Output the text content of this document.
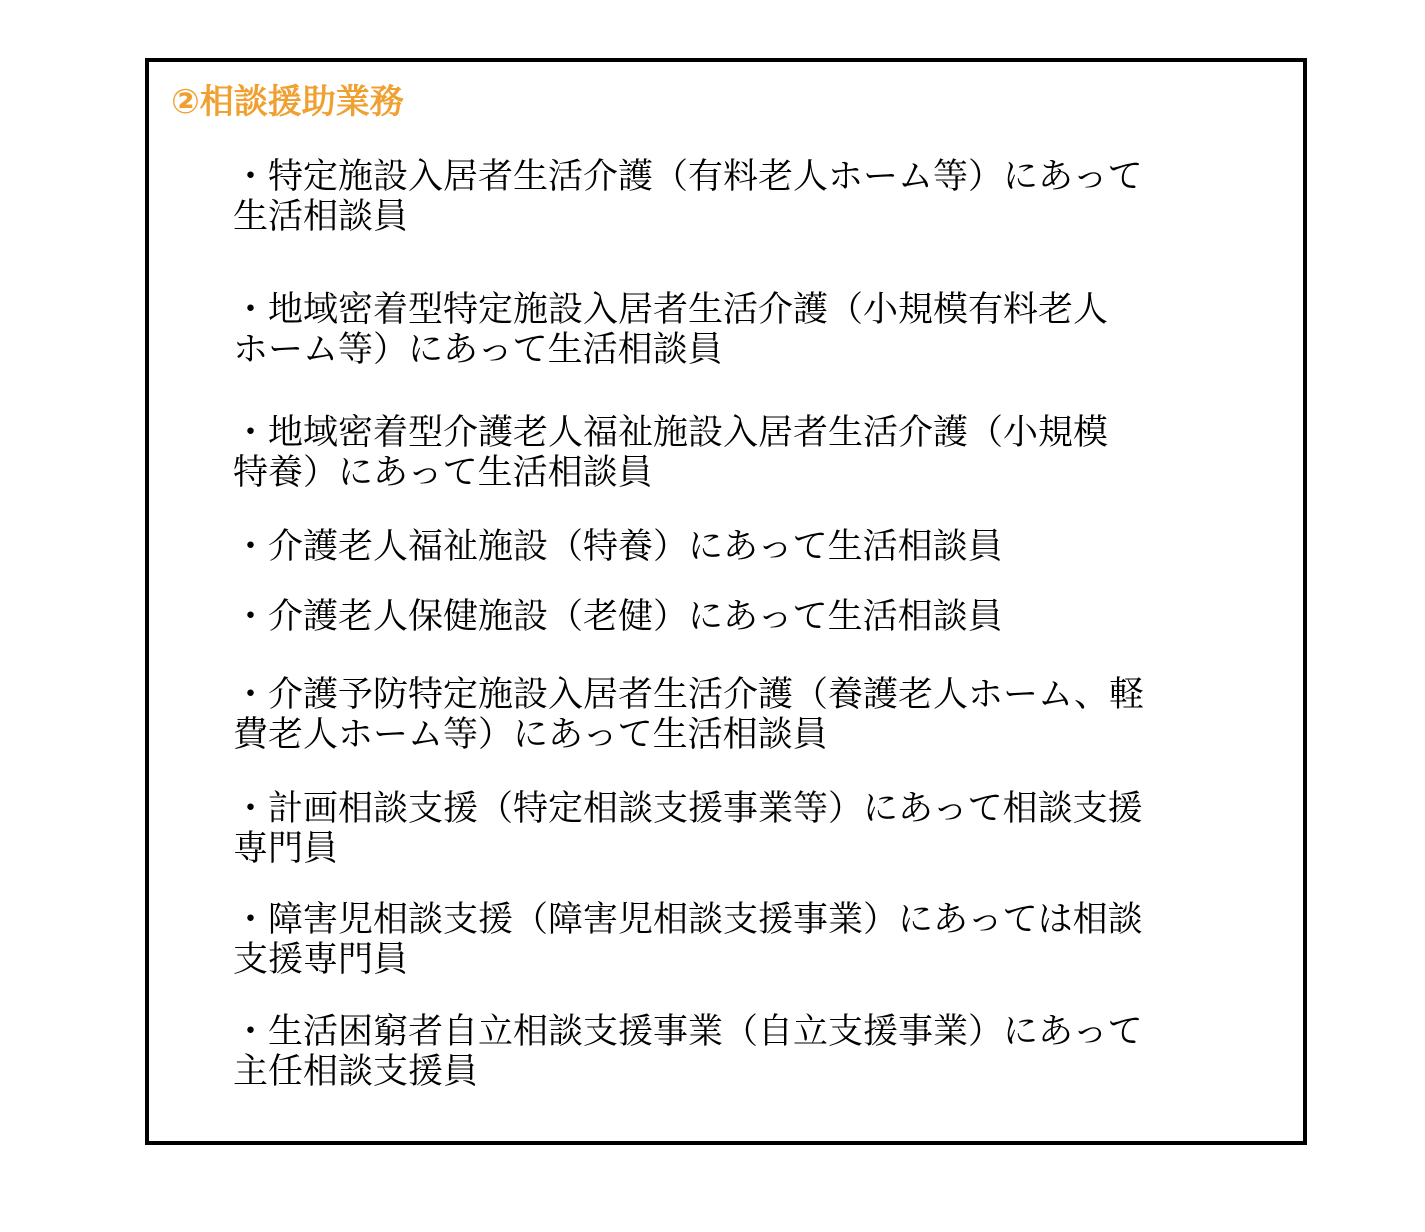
②相談援助業務
・特定施設入居者生活介護（有料老人ホーム等）にあって
生活相談員
・地域密着型特定施設入居者生活介護（小規模有料老人
ホーム等）にあって生活相談員
・地域密着型介護老人福祉施設入居者生活介護（小規模
特養）にあって生活相談員
・介護老人福祉施設（特養）にあって生活相談員
・介護老人保健施設（老健）にあって生活相談員
・介護予防特定施設入居者生活介護（養護老人ホーム、軽
費老人ホーム等）にあって生活相談員
・計画相談支援（特定相談支援事業等）にあって相談支援
専門員
・障害児相談支援（障害児相談支援事業）にあっては相談
支援専門員
・生活困窮者自立相談支援事業（自立支援事業）にあって
主任相談支援員
